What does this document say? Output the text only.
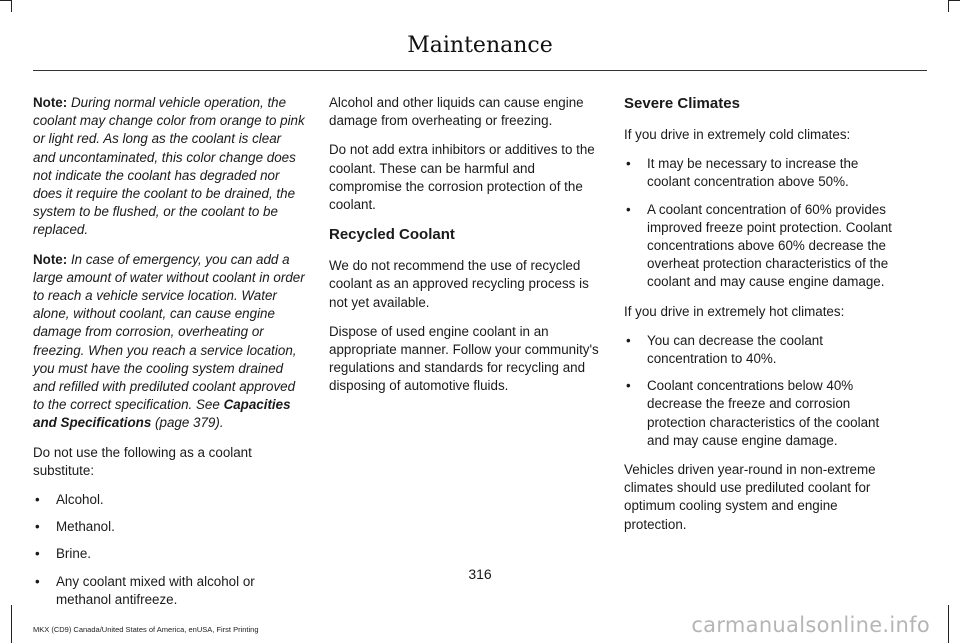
Maintenance

Note: During normal vehicle operation, the coolant may change color from orange to pink or light red. As long as the coolant is clear and uncontaminated, this color change does not indicate the coolant has degraded nor does it require the coolant to be drained, the system to be flushed, or the coolant to be replaced.

Note: In case of emergency, you can add a large amount of water without coolant in order to reach a vehicle service location. Water alone, without coolant, can cause engine damage from corrosion, overheating or freezing. When you reach a service location, you must have the cooling system drained and refilled with prediluted coolant approved to the correct specification. See Capacities and Specifications (page 379).

Do not use the following as a coolant substitute:

• Alcohol.
• Methanol.
• Brine.
• Any coolant mixed with alcohol or methanol antifreeze.

Alcohol and other liquids can cause engine damage from overheating or freezing.

Do not add extra inhibitors or additives to the coolant. These can be harmful and compromise the corrosion protection of the coolant.

Recycled Coolant

We do not recommend the use of recycled coolant as an approved recycling process is not yet available.

Dispose of used engine coolant in an appropriate manner. Follow your community's regulations and standards for recycling and disposing of automotive fluids.

Severe Climates

If you drive in extremely cold climates:

• It may be necessary to increase the coolant concentration above 50%.
• A coolant concentration of 60% provides improved freeze point protection. Coolant concentrations above 60% decrease the overheat protection characteristics of the coolant and may cause engine damage.

If you drive in extremely hot climates:

• You can decrease the coolant concentration to 40%.
• Coolant concentrations below 40% decrease the freeze and corrosion protection characteristics of the coolant and may cause engine damage.

Vehicles driven year-round in non-extreme climates should use prediluted coolant for optimum cooling system and engine protection.

316
MKX (CD9) Canada/United States of America, enUSA, First Printing	carmanualsonline.info
